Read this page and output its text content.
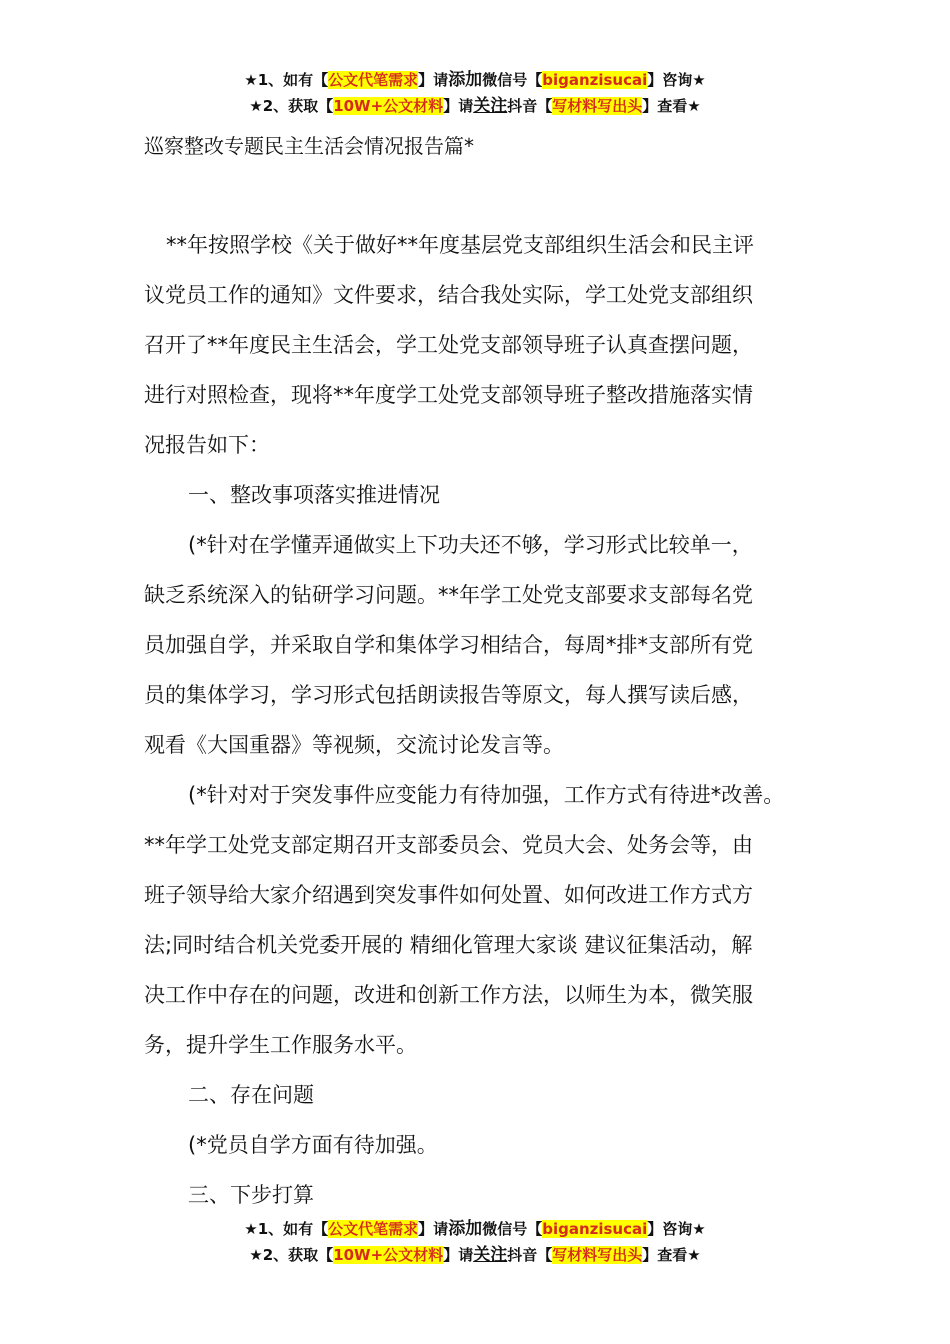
★1、如有【公文代笔需求】请添加微信号【biganzisucai】咨询★
★2、获取【10W+公文材料】请关注抖音【写材料写出头】查看★
巡察整改专题民主生活会情况报告篇*

**年按照学校《关于做好**年度基层党支部组织生活会和民主评
议党员工作的通知》文件要求，结合我处实际，学工处党支部组织
召开了**年度民主生活会，学工处党支部领导班子认真查摆问题，
进行对照检查，现将**年度学工处党支部领导班子整改措施落实情
况报告如下：

一、整改事项落实推进情况

(*针对在学懂弄通做实上下功夫还不够，学习形式比较单一，
缺乏系统深入的钻研学习问题。**年学工处党支部要求支部每名党
员加强自学，并采取自学和集体学习相结合，每周*排*支部所有党
员的集体学习，学习形式包括朗读报告等原文，每人撰写读后感，
观看《大国重器》等视频，交流讨论发言等。

(*针对对于突发事件应变能力有待加强，工作方式有待进*改善。
**年学工处党支部定期召开支部委员会、党员大会、处务会等，由
班子领导给大家介绍遇到突发事件如何处置、如何改进工作方式方
法;同时结合机关党委开展的 精细化管理大家谈 建议征集活动，解
决工作中存在的问题，改进和创新工作方法，以师生为本，微笑服
务，提升学生工作服务水平。

二、存在问题

(*党员自学方面有待加强。

三、下步打算

★1、如有【公文代笔需求】请添加微信号【biganzisucai】咨询★
★2、获取【10W+公文材料】请关注抖音【写材料写出头】查看★
